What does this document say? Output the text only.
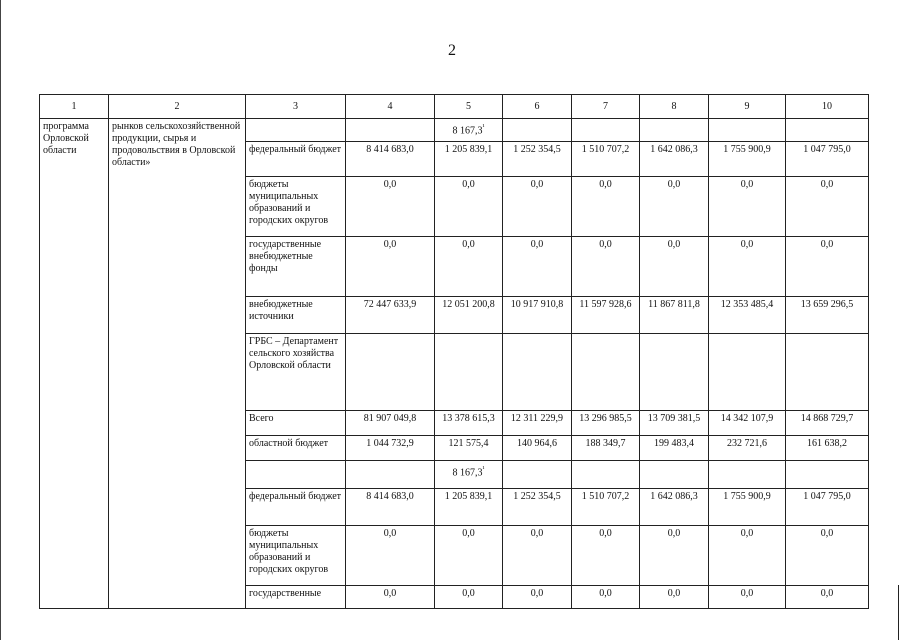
2
1	2	3	4	5	6	7	8	9	10
программа Орловской области	рынков сельскохозяйственной продукции, сырья и продовольствия в Орловской области»			8 $167,3^{^1}$					
		федеральный бюджет	8 414 683,0	1 205 839,1	1 252 354,5	1 510 707,2	1 642 086,3	1 755 900,9	1 047 795,0
		бюджеты муниципальных образований и городских округов	0,0	0,0	0,0	0,0	0,0	0,0	0,0
		государственные внебюджетные фонды	0,0	0,0	0,0	0,0	0,0	0,0	0,0
		внебюджетные источники	72 447 633,9	12 051 200,8	10 917 910,8	11 597 928,6	11 867 811,8	12 353 485,4	13 659 296,5
		ГРБС – Департамент сельского хозяйства Орловской области							
		Всего	81 907 049,8	13 378 615,3	12 311 229,9	13 296 985,5	13 709 381,5	14 342 107,9	14 868 729,7
		областной бюджет	1 044 732,9	121 575,4	140 964,6	188 349,7	199 483,4	232 721,6	161 638,2
				8 $167,3^{^1}$					
		федеральный бюджет	8 414 683,0	1 205 839,1	1 252 354,5	1 510 707,2	1 642 086,3	1 755 900,9	1 047 795,0
		бюджеты муниципальных образований и городских округов	0,0	0,0	0,0	0,0	0,0	0,0	0,0
		государственные	0,0	0,0	0,0	0,0	0,0	0,0	0,0
